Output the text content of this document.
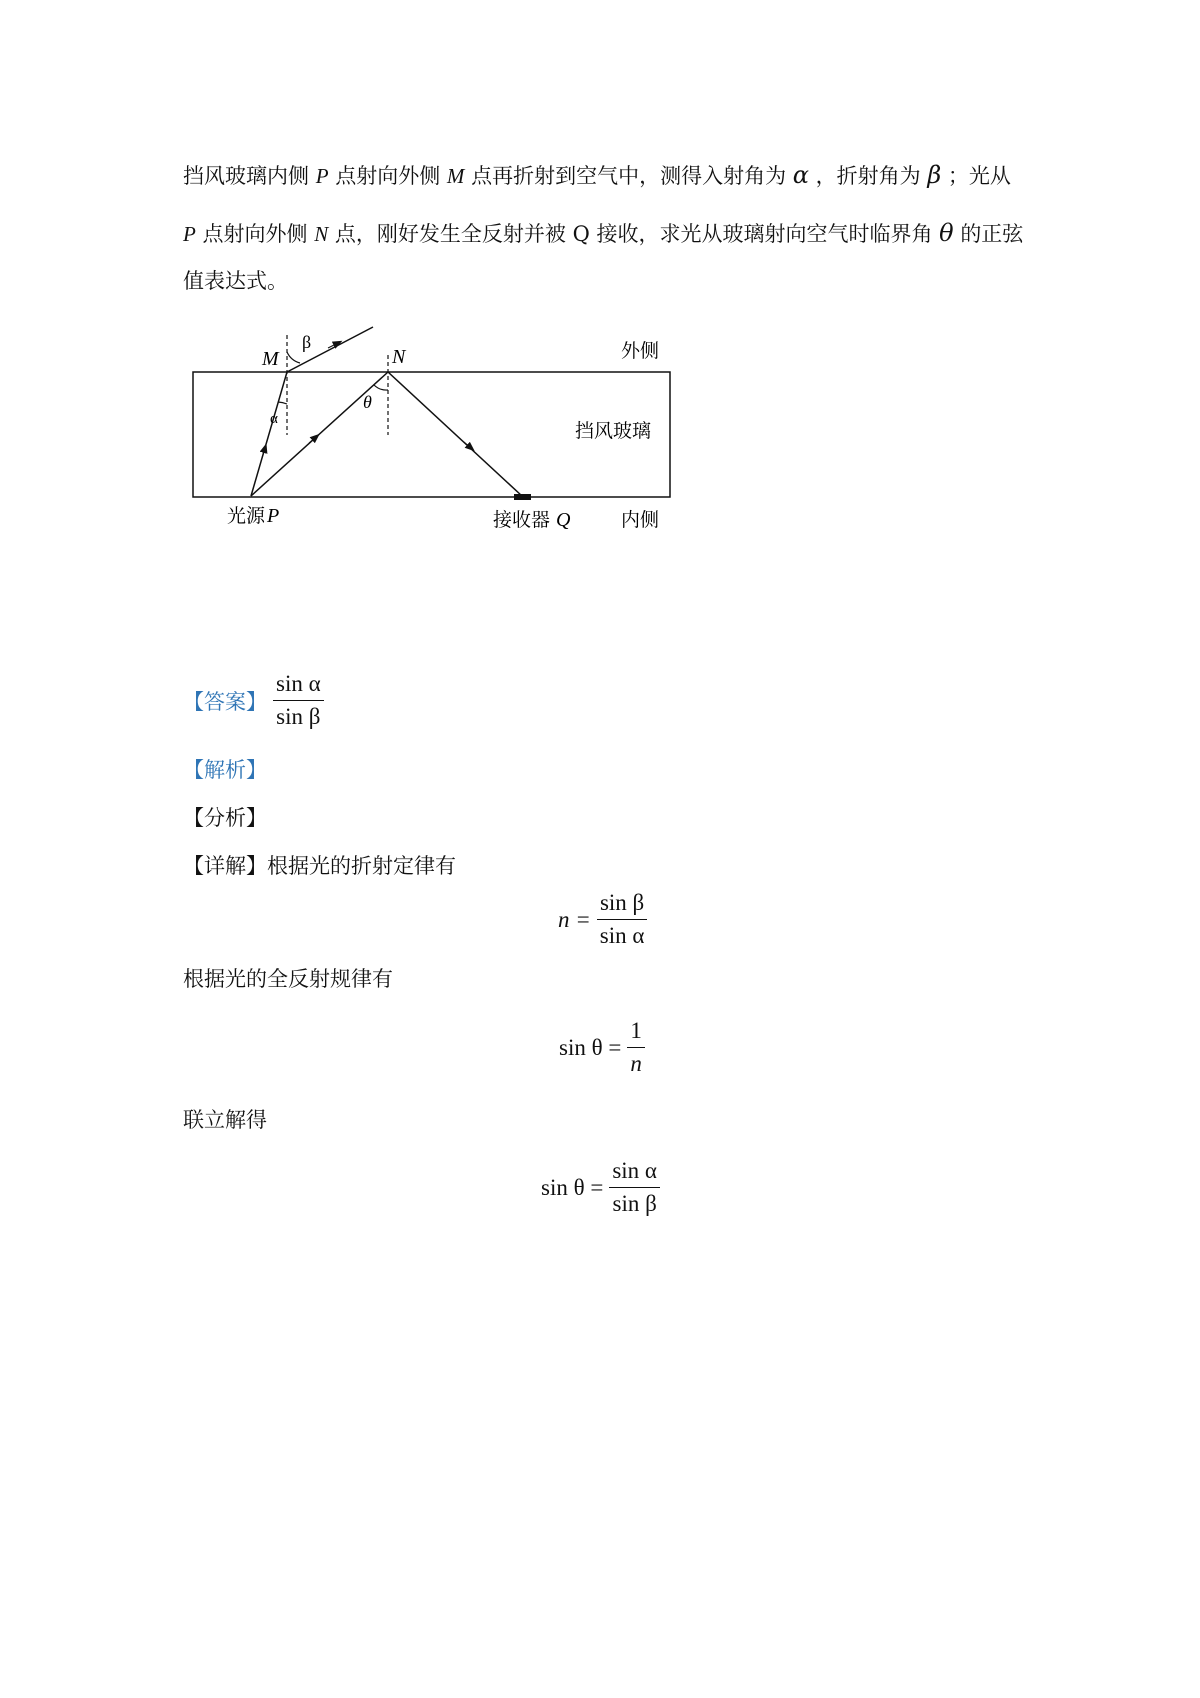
挡风玻璃内侧 P 点射向外侧 M 点再折射到空气中，测得入射角为 α ，折射角为 β ；光从
P 点射向外侧 N 点，刚好发生全反射并被 Q 接收，求光从玻璃射向空气时临界角 θ 的正弦
值表达式。
M
β
N
α
θ
外侧
挡风玻璃
光源 P	接收器 Q	内侧
【答案】 $\frac{\text{sin α}}{\text{sin β}}$
【解析】
【分析】
【详解】根据光的折射定律有
$n = \frac{\text{sin β}}{\text{sin α}}$
根据光的全反射规律有
$\sin \theta = \frac{1}{n}$
联立解得
$\sin \theta = \frac{\text{sin α}}{\text{sin β}}$
